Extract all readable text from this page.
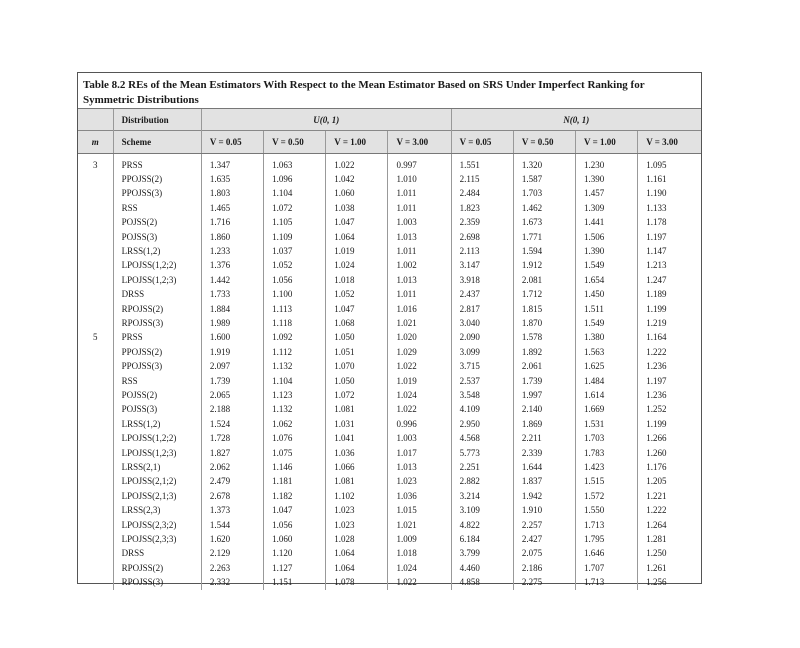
Table 8.2 REs of the Mean Estimators With Respect to the Mean Estimator Based on SRS Under Imperfect Ranking for Symmetric Distributions
	Distribution	U(0, 1)				N(0, 1)			
m	Scheme	V = 0.05	V = 0.50	V = 1.00	V = 3.00	V = 0.05	V = 0.50	V = 1.00	V = 3.00

3	PRSS	1.347	1.063	1.022	0.997	1.551	1.320	1.230	1.095
	PPOJSS(2)	1.635	1.096	1.042	1.010	2.115	1.587	1.390	1.161
	PPOJSS(3)	1.803	1.104	1.060	1.011	2.484	1.703	1.457	1.190
	RSS	1.465	1.072	1.038	1.011	1.823	1.462	1.309	1.133
	POJSS(2)	1.716	1.105	1.047	1.003	2.359	1.673	1.441	1.178
	POJSS(3)	1.860	1.109	1.064	1.013	2.698	1.771	1.506	1.197
	LRSS(1,2)	1.233	1.037	1.019	1.011	2.113	1.594	1.390	1.147
	LPOJSS(1,2;2)	1.376	1.052	1.024	1.002	3.147	1.912	1.549	1.213
	LPOJSS(1,2;3)	1.442	1.056	1.018	1.013	3.918	2.081	1.654	1.247
	DRSS	1.733	1.100	1.052	1.011	2.437	1.712	1.450	1.189
	RPOJSS(2)	1.884	1.113	1.047	1.016	2.817	1.815	1.511	1.199
	RPOJSS(3)	1.989	1.118	1.068	1.021	3.040	1.870	1.549	1.219
5	PRSS	1.600	1.092	1.050	1.020	2.090	1.578	1.380	1.164
	PPOJSS(2)	1.919	1.112	1.051	1.029	3.099	1.892	1.563	1.222
	PPOJSS(3)	2.097	1.132	1.070	1.022	3.715	2.061	1.625	1.236
	RSS	1.739	1.104	1.050	1.019	2.537	1.739	1.484	1.197
	POJSS(2)	2.065	1.123	1.072	1.024	3.548	1.997	1.614	1.236
	POJSS(3)	2.188	1.132	1.081	1.022	4.109	2.140	1.669	1.252
	LRSS(1,2)	1.524	1.062	1.031	0.996	2.950	1.869	1.531	1.199
	LPOJSS(1,2;2)	1.728	1.076	1.041	1.003	4.568	2.211	1.703	1.266
	LPOJSS(1,2;3)	1.827	1.075	1.036	1.017	5.773	2.339	1.783	1.260
	LRSS(2,1)	2.062	1.146	1.066	1.013	2.251	1.644	1.423	1.176
	LPOJSS(2,1;2)	2.479	1.181	1.081	1.023	2.882	1.837	1.515	1.205
	LPOJSS(2,1;3)	2.678	1.182	1.102	1.036	3.214	1.942	1.572	1.221
	LRSS(2,3)	1.373	1.047	1.023	1.015	3.109	1.910	1.550	1.222
	LPOJSS(2,3;2)	1.544	1.056	1.023	1.021	4.822	2.257	1.713	1.264
	LPOJSS(2,3;3)	1.620	1.060	1.028	1.009	6.184	2.427	1.795	1.281
	DRSS	2.129	1.120	1.064	1.018	3.799	2.075	1.646	1.250
	RPOJSS(2)	2.263	1.127	1.064	1.024	4.460	2.186	1.707	1.261
	RPOJSS(3)	2.332	1.151	1.078	1.022	4.858	2.275	1.713	1.256
